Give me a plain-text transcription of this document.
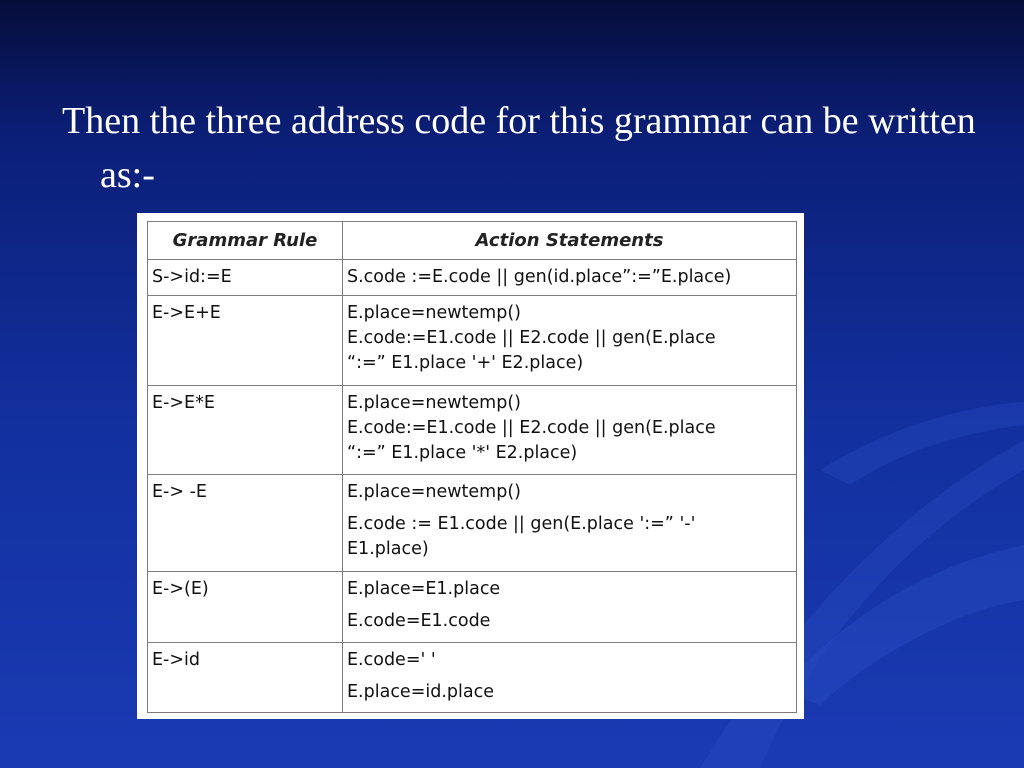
Then the three address code for this grammar can be written as:-

Grammar Rule	Action Statements
S->id:=E	S.code :=E.code || gen(id.place”:=”E.place)

E->E+E	E.place=newtemp()
E.code:=E1.code || E2.code || gen(E.place
“:=” E1.place '+' E2.place)

E->E*E	E.place=newtemp()
E.code:=E1.code || E2.code || gen(E.place
“:=” E1.place '*' E2.place)

E-> -E	E.place=newtemp()
E.code := E1.code || gen(E.place ':=” '-'
E1.place)

E->(E)	E.place=E1.place
E.code=E1.code

E->id	E.code=' '
E.place=id.place
